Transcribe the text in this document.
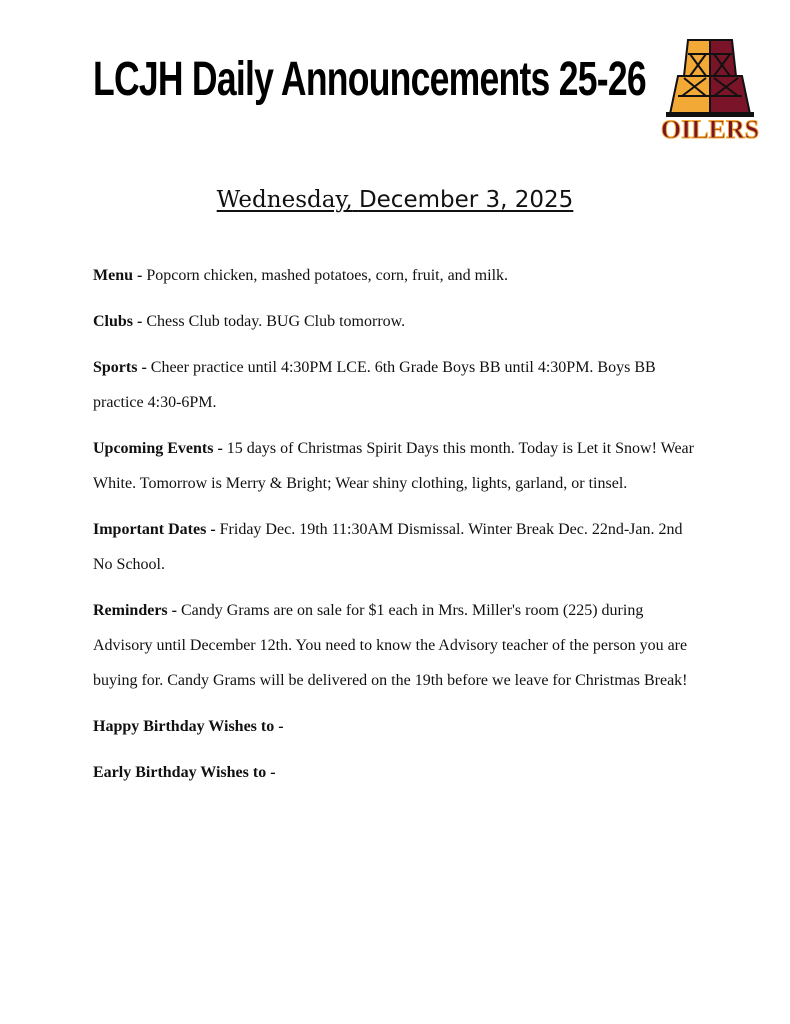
LCJH Daily Announcements 25-26
OILERS
Wednesday, December 3, 2025

Menu - Popcorn chicken, mashed potatoes, corn, fruit, and milk.

Clubs - Chess Club today. BUG Club tomorrow.

Sports - Cheer practice until 4:30PM LCE. 6th Grade Boys BB until 4:30PM. Boys BB practice 4:30-6PM.

Upcoming Events - 15 days of Christmas Spirit Days this month. Today is Let it Snow! Wear White. Tomorrow is Merry & Bright; Wear shiny clothing, lights, garland, or tinsel.

Important Dates - Friday Dec. 19th 11:30AM Dismissal. Winter Break Dec. 22nd-Jan. 2nd No School.

Reminders - Candy Grams are on sale for $1 each in Mrs. Miller's room (225) during Advisory until December 12th. You need to know the Advisory teacher of the person you are buying for. Candy Grams will be delivered on the 19th before we leave for Christmas Break!

Happy Birthday Wishes to -

Early Birthday Wishes to -
